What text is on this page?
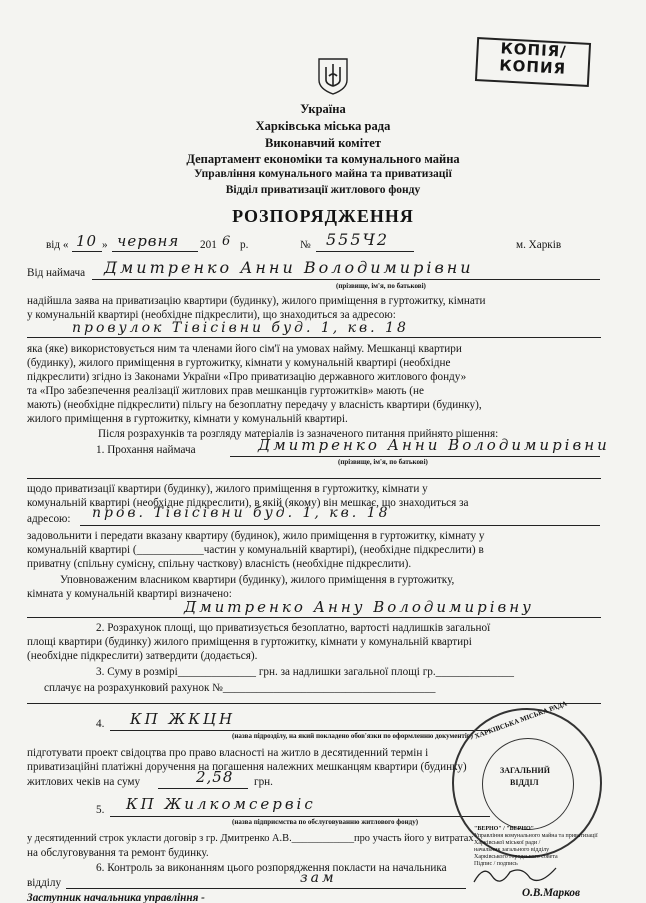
КОПІЯ/
КОПИЯ
Україна
Харківська міська рада
Виконавчий комітет
Департамент економіки та комунального майна
Управління комунального майна та приватизації
Відділ приватизації житлового фонду
РОЗПОРЯДЖЕННЯ
від « 10 » червня 201 6 р.	№ 555Ч2	м. Харків
Від наймача Дмитренко Анни Володимирівни
(прізвище, ім'я, по батькові)
надійшла заява на приватизацію квартири (будинку), жилого приміщення в гуртожитку, кімнати
у комунальній квартирі (необхідне підкреслити), що знаходиться за адресою:
провулок Тівісівни буд. 1, кв. 18
яка (яке) використовується ним та членами його сім'ї на умовах найму. Мешканці квартири
(будинку), жилого приміщення в гуртожитку, кімнати у комунальній квартирі (необхідне
підкреслити) згідно із Законами України «Про приватизацію державного житлового фонду»
та «Про забезпечення реалізації житлових прав мешканців гуртожитків» мають (не
мають) (необхідне підкреслити) пільгу на безоплатну передачу у власність квартири (будинку),
жилого приміщення в гуртожитку, кімнати у комунальній квартирі.
Після розрахунків та розгляду матеріалів із зазначеного питання прийнято рішення:
1. Прохання наймача	Дмитренко Анни Володимирівни
(прізвище, ім'я, по батькові)
щодо приватизації квартири (будинку), жилого приміщення в гуртожитку, кімнати у
комунальній квартирі (необхідне підкреслити), в якій (якому) він мешкає, що знаходиться за
адресою: пров. Тівісівни буд. 1, кв. 18
задовольнити і передати вказану квартиру (будинок), жило приміщення в гуртожитку, кімнату у
комунальній квартирі (____________частин у комунальній квартирі), (необхідне підкреслити) в
приватну (спільну сумісну, спільну часткову) власність (необхідне підкреслити).
Уповноваженим власником квартири (будинку), жилого приміщення в гуртожитку,
кімната у комунальній квартирі визначено:
Дмитренко Анну Володимирівну
2. Розрахунок площі, що приватизується безоплатно, вартості надлишків загальної
площі квартири (будинку) жилого приміщення в гуртожитку, кімнати у комунальній квартирі
(необхідне підкреслити) затвердити (додається).
3. Суму в розмірі______________ грн. за надлишки загальної площі гр.______________
сплачує на розрахунковий рахунок №______________________________________
4. КП ЖКЦН
(назва підрозділу, на який покладено обов'язки по оформленню документів)
підготувати проект свідоцтва про право власності на житло в десятиденний термін і
приватизаційні платіжні доручення на погашення належних мешканцям квартири (будинку)
житлових чеків на суму	2,58 грн.
5. КП Жилкомсервіс
(назва підприємства по обслуговуванню житлового фонду)
у десятиденний строк укласти договір з гр. Дмитренко А.В.____________про участь його у витратах
на обслуговування та ремонт будинку.
6. Контроль за виконанням цього розпорядження покласти на начальника
відділу	зам
Заступник начальника управління -	О.В.Марков
ЗАГАЛЬНИЙ
ВІДДІЛ
ХАРКІВСЬКА МІСЬКА РАДА
"ВЕРНО" / "ВЕРНО"
Управління комунального майна та приватизації
Харківської міської ради /
начальник загального відділу
Харківського городського совета
Підпис / подпись
